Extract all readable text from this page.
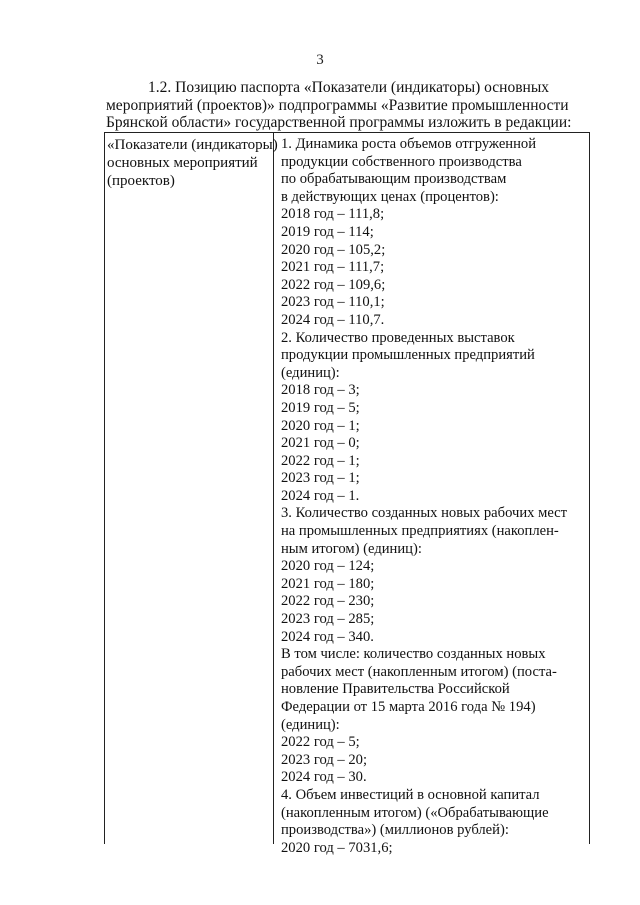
3
1.2. Позицию паспорта «Показатели (индикаторы) основных
мероприятий (проектов)» подпрограммы «Развитие промышленности
Брянской области» государственной программы изложить в редакции:
«Показатели (индикаторы)
основных мероприятий
(проектов)
1. Динамика роста объемов отгруженной
продукции собственного производства
по обрабатывающим производствам
в действующих ценах (процентов):
2018 год – 111,8;
2019 год – 114;
2020 год – 105,2;
2021 год – 111,7;
2022 год – 109,6;
2023 год – 110,1;
2024 год – 110,7.
2. Количество проведенных выставок
продукции промышленных предприятий
(единиц):
2018 год – 3;
2019 год – 5;
2020 год – 1;
2021 год – 0;
2022 год – 1;
2023 год – 1;
2024 год – 1.
3. Количество созданных новых рабочих мест
на промышленных предприятиях (накоплен-
ным итогом) (единиц):
2020 год – 124;
2021 год – 180;
2022 год – 230;
2023 год – 285;
2024 год – 340.
В том числе: количество созданных новых
рабочих мест (накопленным итогом) (поста-
новление Правительства Российской
Федерации от 15 марта 2016 года № 194)
(единиц):
2022 год – 5;
2023 год – 20;
2024 год – 30.
4. Объем инвестиций в основной капитал
(накопленным итогом) («Обрабатывающие
производства») (миллионов рублей):
2020 год – 7031,6;
